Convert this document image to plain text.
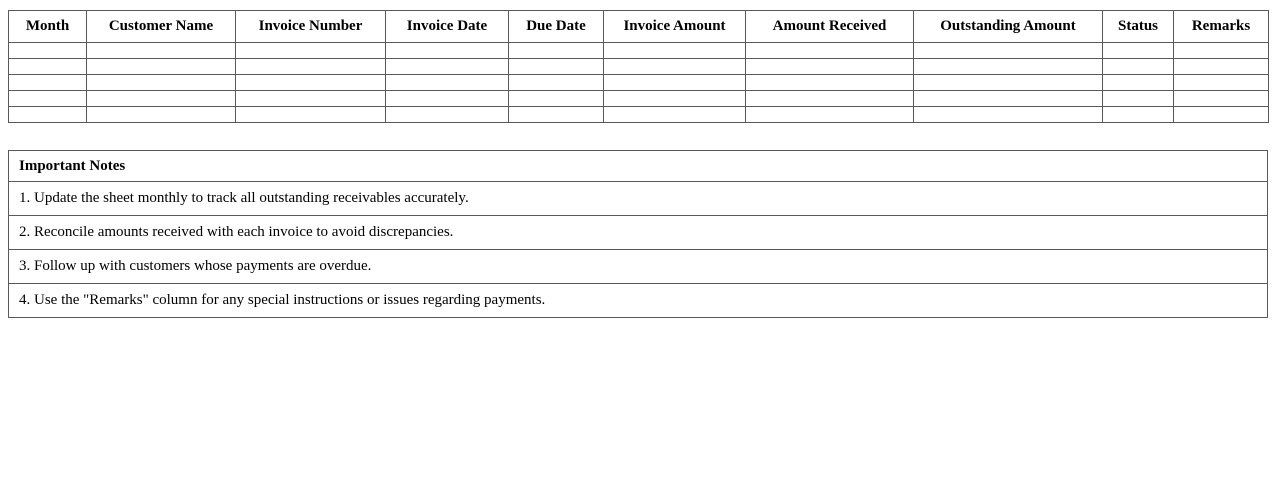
Month	Customer Name	Invoice Number	Invoice Date	Due Date	Invoice Amount	Amount Received	Outstanding Amount	Status	Remarks

Important Notes
1. Update the sheet monthly to track all outstanding receivables accurately.
2. Reconcile amounts received with each invoice to avoid discrepancies.
3. Follow up with customers whose payments are overdue.
4. Use the "Remarks" column for any special instructions or issues regarding payments.
